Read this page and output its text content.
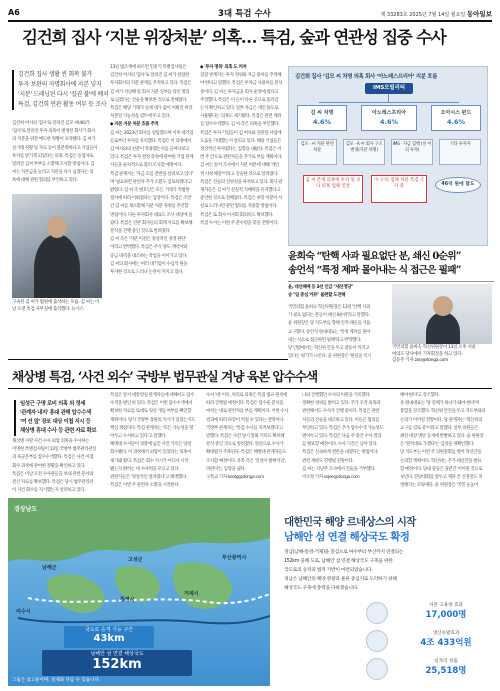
A6	3대 특검 수사	제 33283호 2025년 7월 14일 월요일 동아일보
김건희 집사 ‘지분 위장처분’ 의혹… 특검, 숲과 연관성 집중 수사
김건희 집사 생활 씬 회복 불가
투자 보완의 자명회사에 자본 넣지
'지분' 드레닝된 다시 '집권 불'에 배치
특검, 김건희 연관 활동 여부 등 조사
김건희 여사의 '집사'로 알려진 김모 씨(46)가
'집사'로 알려진 투자 의혹이 발생된 회사가 회사
의 지분을 위장 매도한 정황이 포착됐다. 김 씨가
실거래 정황 및 자료 등이 불분명하다고 기업들이
투자를 맡기게 되었다는 의혹. 특검은 동업자로
알려진 김씨 부부를 소환해 조사할 방침이다. 김
씨는 자본금을 늘리고 지분을 다시 넘겼다는 의
혹에 대해 관련 혐의를 부인하고 있다.
구속된 김 씨가 법원에 출석하는 모습. 김 씨는 이
날 오전 특검 사무실에 출석했다. 뉴시스
13일 법조계에 따르면 민중기 특별검사팀은
김건희 여사의 '집사'로 알려진 김 씨가 설립한
투자회사의 지분 관계를 추적하고 있다. 특검은
김 씨가 지난해 말 회사 지분 일부를 타인 명의
로 넘겼다는 진술을 확보한 것으로 전해졌다.
특검은 해당 거래가 실제 대가 없이 이뤄진 위장
처분일 가능성을 염두에 두고 있다.
◆ 자본 지분 처분 흐름 추적
김 씨는 2023년 회사를 설립했으며 이후 대기업
들로부터 투자를 유치했다. 특검은 이 과정에서
김 여사와의 친분이 작용했는지를 들여다보고
있다. 특검은 투자 결정 과정에 관여한 기업 관계
자들을 순차적으로 불러 조사할 예정이다.
특검 관계자는 '자금 흐름 전반을 살펴보고 있다'
며 '필요하면 관련자 추가 소환도 검토하겠다'고
밝혔다. 김 씨 측 변호인은 모든 거래가 적법한
절차에 따라 이뤄졌다는 입장이다. 특검은 조만
간 김 씨를 재소환해 지분 처분 경위를 추궁할
방침이다. 다른 투자회사 대표도 조사 대상에 올
랐다. 특검은 연관 회사들의 회계 자료를 확보해
분석을 진행 중인 것으로 알려졌다.
김 씨 측은 '지분 이전은 정상적인 경영 판단'
이라고 반박했다. 특검은 주식 양도 계약서와
송금 내역을 대조하는 작업을 이어가고 있다.
김 씨의 회사에는 여러 대기업이 수십억 원을
투자한 것으로 드러나 논란이 커지고 있다.
◆ '투자 명목' 의혹 도 커져
검찰 관계자는 투자 경위와 자금 용처를 추적해
야 한다고 말했다. 특검은 투자금 사용처를 분석
중이다. 김 씨는 투자금을 회사 운영에 썼다고
주장했다. 특검은 이 돈이 다른 곳으로 흘러갔
는지 확인하고 있다. 일부 자금은 개인 용도로
사용됐다는 의혹도 제기됐다. 특검은 관련 계좌
를 압수수색했다. 김 씨 측은 의혹을 부인했다.
특검은 투자 기업들이 김 여사와 연관된 사업에
도움을 기대했는지 살피고 있다. 해당 기업들은
정상적인 투자였다는 입장을 내놨다. 특검은 이
번 주 안으로 관련자들을 추가로 부를 계획이다.
김 씨는 앞서 조사에서 지분 처분에 대해 '개인
적 사정 때문'이라고 진술한 것으로 알려졌다.
특검은 진술의 신빙성을 따져보고 있다. 회사 관
계자들은 김 씨가 실질적 지배력을 유지했다고
증언한 것으로 전해졌다. 특검은 위장 처분이 사
실로 드러나면 관련 혐의를 적용할 방침이다.
특검은 또 회사 이사회 회의록도 확보했다.
특검 수사는 이번 주 분수령을 맞을 전망이다.
김건희 집사 ‘김모 씨 차명 의혹 회사 ‘아노레스프리아’ 지분 흐름
IMS모빌리티
김 씨 차명
4.6%
아노레스프리아
4.6%
오아시스 펀드
4.6%
김모 · 씨 지분 관련 처분
김모 · A 씨 회사 구조 변경(지분 차명)
IMS · 자금 집행 (선 이의 투자)
기타 투자자
김 씨 존재 의혹에 투자 및 보다 의혹 업체 연결
'누구'의 업체 처분 특검 조사 중	46억 원에 달도
윤희숙 “탄핵 사과 필요없단 분, 쇄신 0순위”
송언석 “특정 제파 몰아내는 식 접근은 필패”
윤, 대선패배 등 3선 인급 "새선정당"
송 "일 중심 커뮤" 불편할 도전해
국민의힘 윤희숙 혁신위원장은 13일 '탄핵 사과
가 필요 없다는 분들이 쇄신 0순위'라고 말했다.
윤 위원장은 당 지도부를 향해 인적 쇄신을 거듭
요구했다. 송언석 원내대표는 '특정 계파를 몰아
내는 식으로 접근하면 필패'라고 반박했다.
당 안팎에서는 혁신위 안을 두고 갈등이 커지고
있다는 평가가 나온다. 윤 위원장은 '현실을 직시
국민의힘 윤희숙 혁신위원장이 13일 오후 서울
여의도 당사에서 기자회견을 하고 있다.
김동주 기자 zoo@donga.com
채상병 특검, ‘사건 외수’ 국방부 법무관실 겨냥 육본 압수수색
임성근 구명 로비 의혹 외 정세
'관계자 내지' 휴대 관해 압수수색
'여 선 앞' 장포 대상 이첩 지시 등
채상병 휴대 수사 등 관련 자료 확보
채상병 사망 사건 수사 외압 의혹을 수사하는
이명현 특별검사팀이 13일 국방부 법무관리관실
과 육군본부를 압수수색했다. 특검은 사건 이첩
회수 과정에 관여한 정황을 확인하고 있다.
특검은 이날 오전 수사관들을 보내 관련 문서와
전산 자료를 확보했다. 특검은 당시 법무관리관
이 사건 회수를 지시했는지 살펴보고 있다.
특검은 앞서 대통령실 관계자들에 대해서도 압수
수색을 벌인 바 있다. 특검은 이번 압수수색에서
확보한 자료를 토대로 윗선 개입 여부를 확인할
계획이다. 당시 국방부 장관의 지시가 있었는지도
핵심 쟁점이다. 특검 관계자는 '모든 가능성을 열
어두고 수사하고 있다'고 말했다.
해병대 수사단이 경찰에 넘긴 사건 기록은 당일
회수됐다. 이 과정에서 외압이 있었다는 의혹이
제기돼 왔다. 특검은 회수 지시가 어디서 시작
됐는지 밝히는 데 수사력을 모으고 있다.
관련자들은 '정상적인 절차였다'고 해명했다.
특검은 이번 주 관련자 소환을 시작한다.
수사 '대' 이유, 처리로 의혹은 특검 법규 원칙에
따라 진행될 예정이다. 특검은 압수물 분석을
마치는 대로 관련자를 부를 계획이다. 이번 수사
결과에 따라 파장이 커질 수 있다는 전망이다.
국방부 관계자는 '특검 수사를 지켜보겠다'고
말했다. 특검은 사건 당시 통화 기록도 확보해
분석 중인 것으로 알려졌다. 윗선으로 수사가
확대될지 주목된다. 특검은 해병대 관계자들도
조사할 예정이다. 유족 측은 '진실이 밝혀지길',
바란다'는 입장을 냈다.
구특교 기자 kootg@donga.com
나와 진행했던 수사의 이관을 기록했다.
정확한 경위를 밝히고 있다. 주가 조작 의혹과
관련해서도 수사가 진행 중이다. 특검은 관련
자들의 진술을 대조하고 있다. 이들은 혐의를
부인하고 있다. 특검은 추가 압수수색 가능성도
열어두고 있다. 특검은 다음 주 중간 수사 결과
를 발표할 예정이다. 수사 기간은 남아 있다.
특검은 신속하게 결론을 내겠다는 방침이다.
관련 재판도 진행될 전망이다.
김 씨는 지난주 조사에서 진술을 거부했다.
이소정 기자 sojee@donga.com
해야 한다'고 강조했다.
송 원내대표는 '당 전체가 하나가 돼야 한다'며
통합을 강조했다. 혁신위 안건을 두고 지도부와의
논의가 이어질 전망이다. 당 관계자는 '혁신위의
요구를 검토 중'이라고 말했다. 일부 의원들은
쇄신 대상 명단 공개에 반발하고 있다. 윤 위원장
은 '원칙대로 가겠다'는 입장을 재확인했다.
당 지도부는 이번 주 의원총회를 열어 혁신안을
논의할 계획이다. 혁신위는 추가 쇄신안을 발표
할 예정이다. 당내 갈등은 당분간 이어질 것으로
보인다. 전당대회를 앞두고 계파 간 신경전도 치
열해지는 모양새다. 윤 위원장은 '국민 눈높이
경상남도
남해군
통영시
거제시
부산광역시
여수시
고성군
국도로 승격 가능 구간
43km
남해안 섬 연결 해상국도
152km
그림은 참고용이며, 실제와 다를 수 있습니다.
대한민국 해양 르네상스의 시작
남해안 섬 연결 해상국도 확정
경남(남해-통영-거제)을 중심으로 여수부터 부산까지 연결되는
152km 올해 도로, 남해안 섬 연결 해상국도 구축을 위한
국도로의 승격과 법적 기반이 마련되었습니다.
경남은 남해안의 해양 관광과 물류 중심지로 도약하기 위해
해상국도 구축에 총력을 다하겠습니다.
자본 고용창 효과
17,000명
생산유발효과
4조 433억원
일자리 창출
25,518명
